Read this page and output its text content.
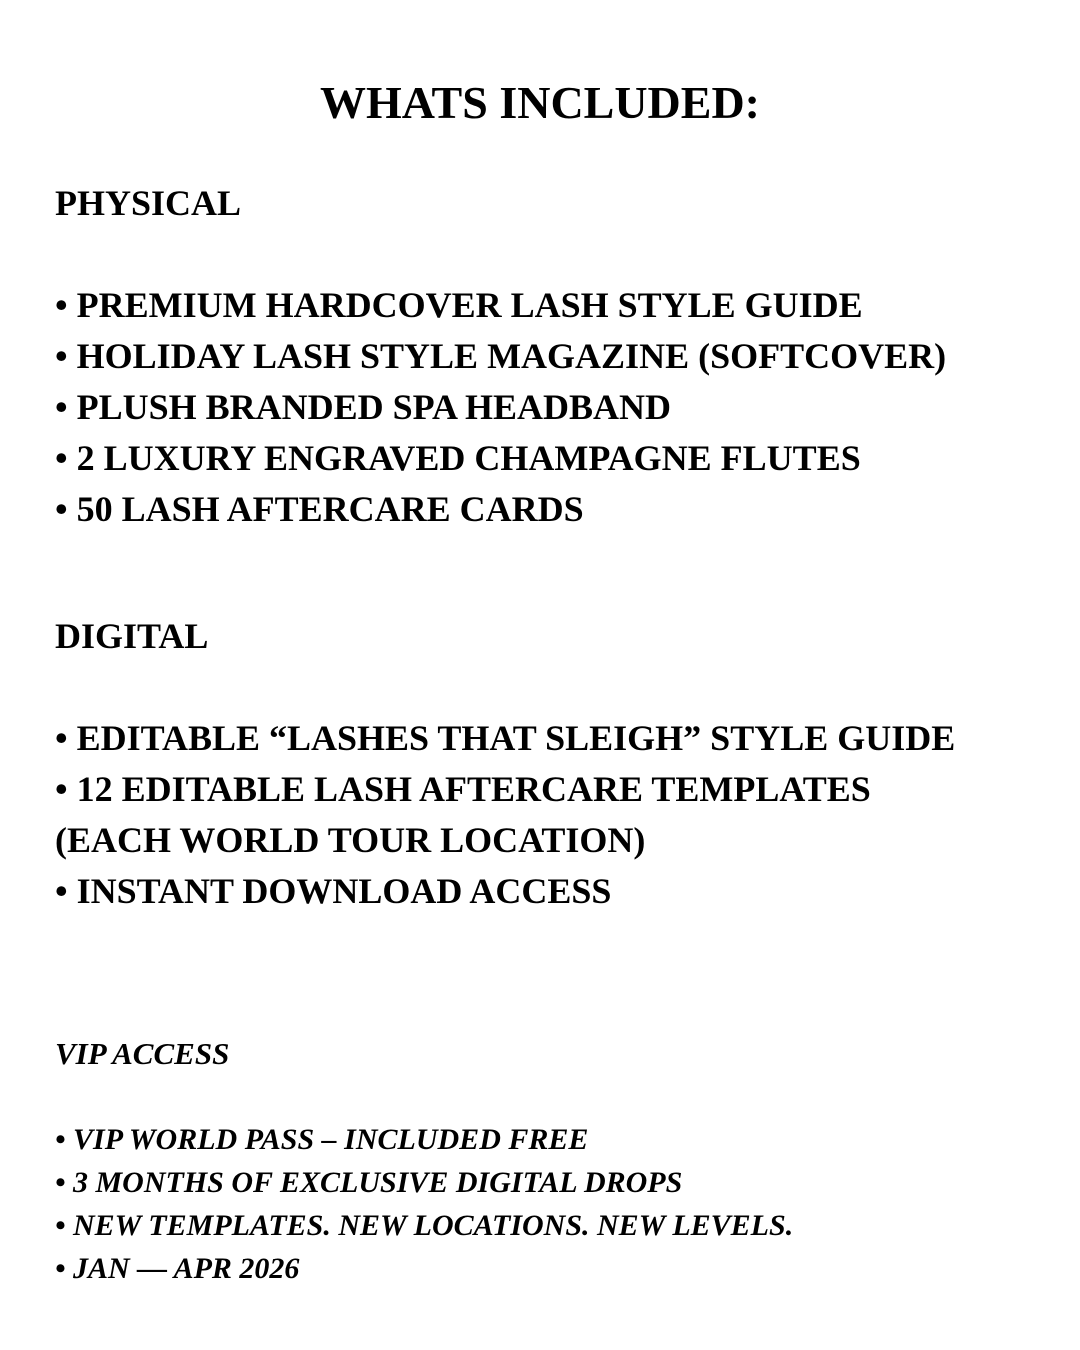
WHATS INCLUDED:
PHYSICAL
• PREMIUM HARDCOVER LASH STYLE GUIDE
• HOLIDAY LASH STYLE MAGAZINE (SOFTCOVER)
• PLUSH BRANDED SPA HEADBAND
• 2 LUXURY ENGRAVED CHAMPAGNE FLUTES
• 50 LASH AFTERCARE CARDS
DIGITAL
• EDITABLE “LASHES THAT SLEIGH” STYLE GUIDE
• 12 EDITABLE LASH AFTERCARE TEMPLATES
(EACH WORLD TOUR LOCATION)
• INSTANT DOWNLOAD ACCESS
VIP ACCESS
• VIP WORLD PASS – INCLUDED FREE
• 3 MONTHS OF EXCLUSIVE DIGITAL DROPS
• NEW TEMPLATES. NEW LOCATIONS. NEW LEVELS.
• JAN — APR 2026
